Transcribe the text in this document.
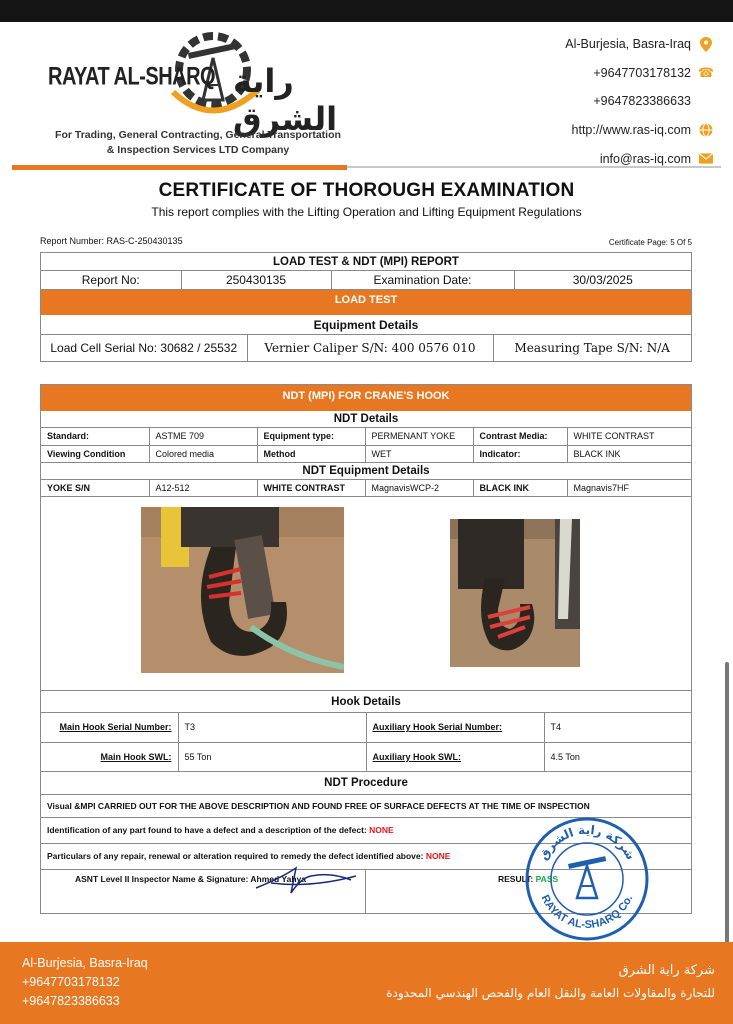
RAYAT AL-SHARQ راية الشرق
For Trading, General Contracting, General Transportation
& Inspection Services LTD Company
Al-Burjesia, Basra-Iraq
+9647703178132 ☎
+9647823386633
http://www.ras-iq.com
info@ras-iq.com
CERTIFICATE OF THOROUGH EXAMINATION
This report complies with the Lifting Operation and Lifting Equipment Regulations
Report Number: RAS-C-250430135	Certificate Page: 5 Of 5
LOAD TEST & NDT (MPI) REPORT
Report No:	250430135	Examination Date:	30/03/2025
LOAD TEST
Equipment Details
Load Cell Serial No: 30682 / 25532	Vernier Caliper S/N: 400 0576 010	Measuring Tape S/N: N/A
NDT (MPI) FOR CRANE'S HOOK
NDT Details
Standard:	ASTME 709	Equipment type:	PERMENANT YOKE	Contrast Media:	WHITE CONTRAST
Viewing Condition	Colored media	Method	WET	Indicator:	BLACK INK
NDT Equipment Details
YOKE S/N	A12-512	WHITE CONTRAST	MagnavisWCP-2	BLACK INK	Magnavis7HF
Hook Details
Main Hook Serial Number:	T3	Auxiliary Hook Serial Number:	T4
Main Hook SWL:	55 Ton	Auxiliary Hook SWL:	4.5 Ton
NDT Procedure
Visual &MPI CARRIED OUT FOR THE ABOVE DESCRIPTION AND FOUND FREE OF SURFACE DEFECTS AT THE TIME OF INSPECTION
Identification of any part found to have a defect and a description of the defect:
NONE
Particulars of any repair, renewal or alteration required to remedy the defect identified above:
NONE
ASNT Level II Inspector Name & Signature: Ahmed Yahya	RESULT: PASS
شركة راية الشرق
RAYAT AL-SHARQ Co.
Al-Burjesia, Basra-Iraq
+9647703178132
+9647823386633
شركة راية الشرق
للتجارة والمقاولات العامة والنقل العام والفحص الهندسي المحدودة
